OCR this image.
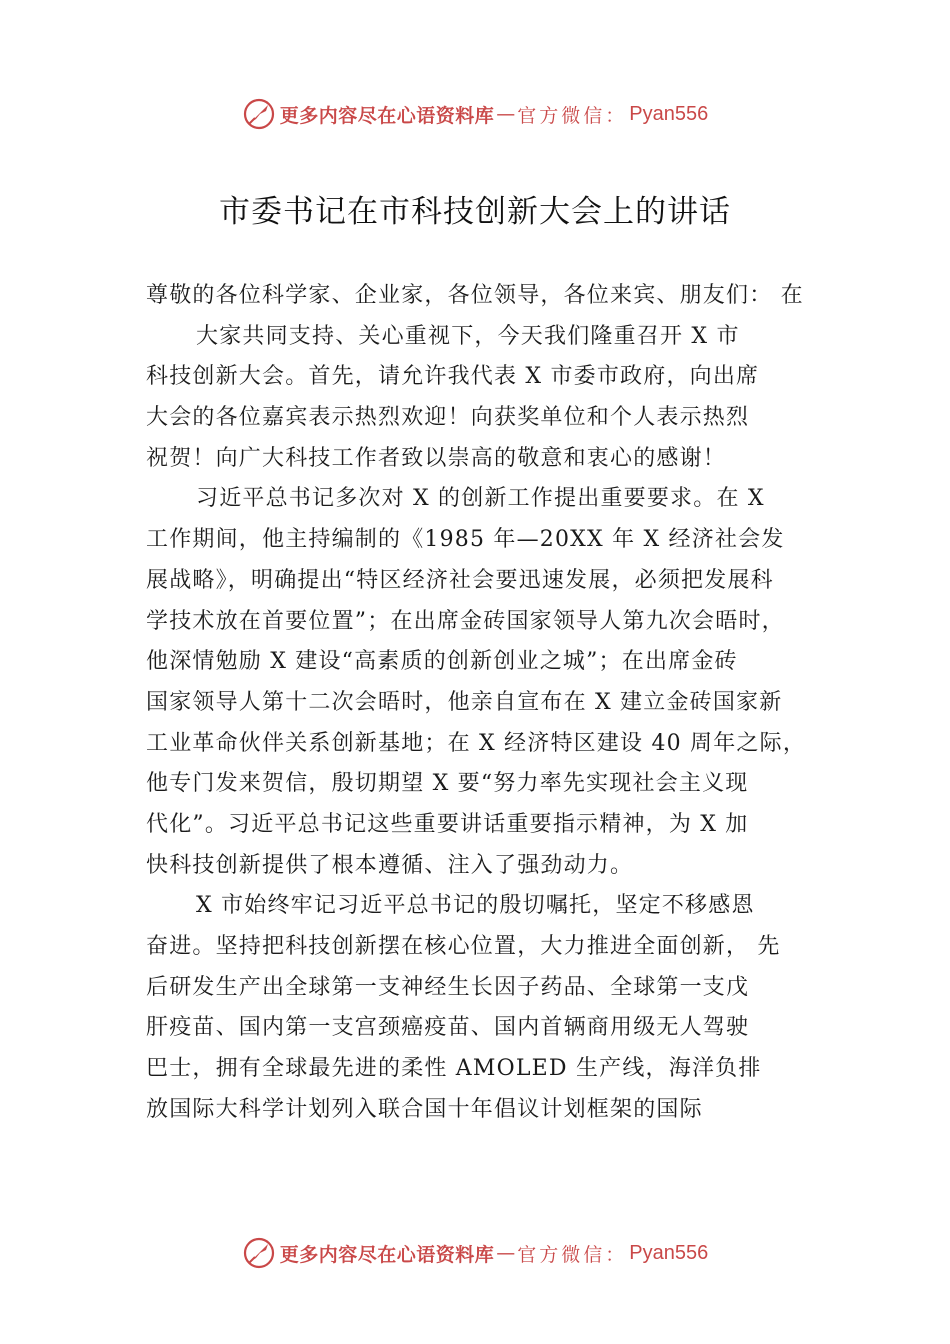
更多内容尽在心语资料库 — 官方微信： Pyan556
市委书记在市科技创新大会上的讲话
尊敬的各位科学家、企业家，各位领导，各位来宾、朋友们： 在
大家共同支持、关心重视下，今天我们隆重召开 X 市
科技创新大会。首先，请允许我代表 X 市委市政府，向出席
大会的各位嘉宾表示热烈欢迎！向获奖单位和个人表示热烈
祝贺！向广大科技工作者致以崇高的敬意和衷心的感谢！
习近平总书记多次对 X 的创新工作提出重要要求。在 X
工作期间，他主持编制的《1985 年—20XX 年 X 经济社会发
展战略》，明确提出“特区经济社会要迅速发展，必须把发展科
学技术放在首要位置”；在出席金砖国家领导人第九次会晤时，
他深情勉励 X 建设“高素质的创新创业之城”；在出席金砖
国家领导人第十二次会晤时，他亲自宣布在 X 建立金砖国家新
工业革命伙伴关系创新基地；在 X 经济特区建设 40 周年之际，
他专门发来贺信，殷切期望 X 要“努力率先实现社会主义现
代化”。习近平总书记这些重要讲话重要指示精神，为 X 加
快科技创新提供了根本遵循、注入了强劲动力。
X 市始终牢记习近平总书记的殷切嘱托，坚定不移感恩
奋进。坚持把科技创新摆在核心位置，大力推进全面创新， 先
后研发生产出全球第一支神经生长因子药品、全球第一支戊
肝疫苗、国内第一支宫颈癌疫苗、国内首辆商用级无人驾驶
巴士，拥有全球最先进的柔性 AMOLED 生产线，海洋负排
放国际大科学计划列入联合国十年倡议计划框架的国际
更多内容尽在心语资料库 — 官方微信： Pyan556
